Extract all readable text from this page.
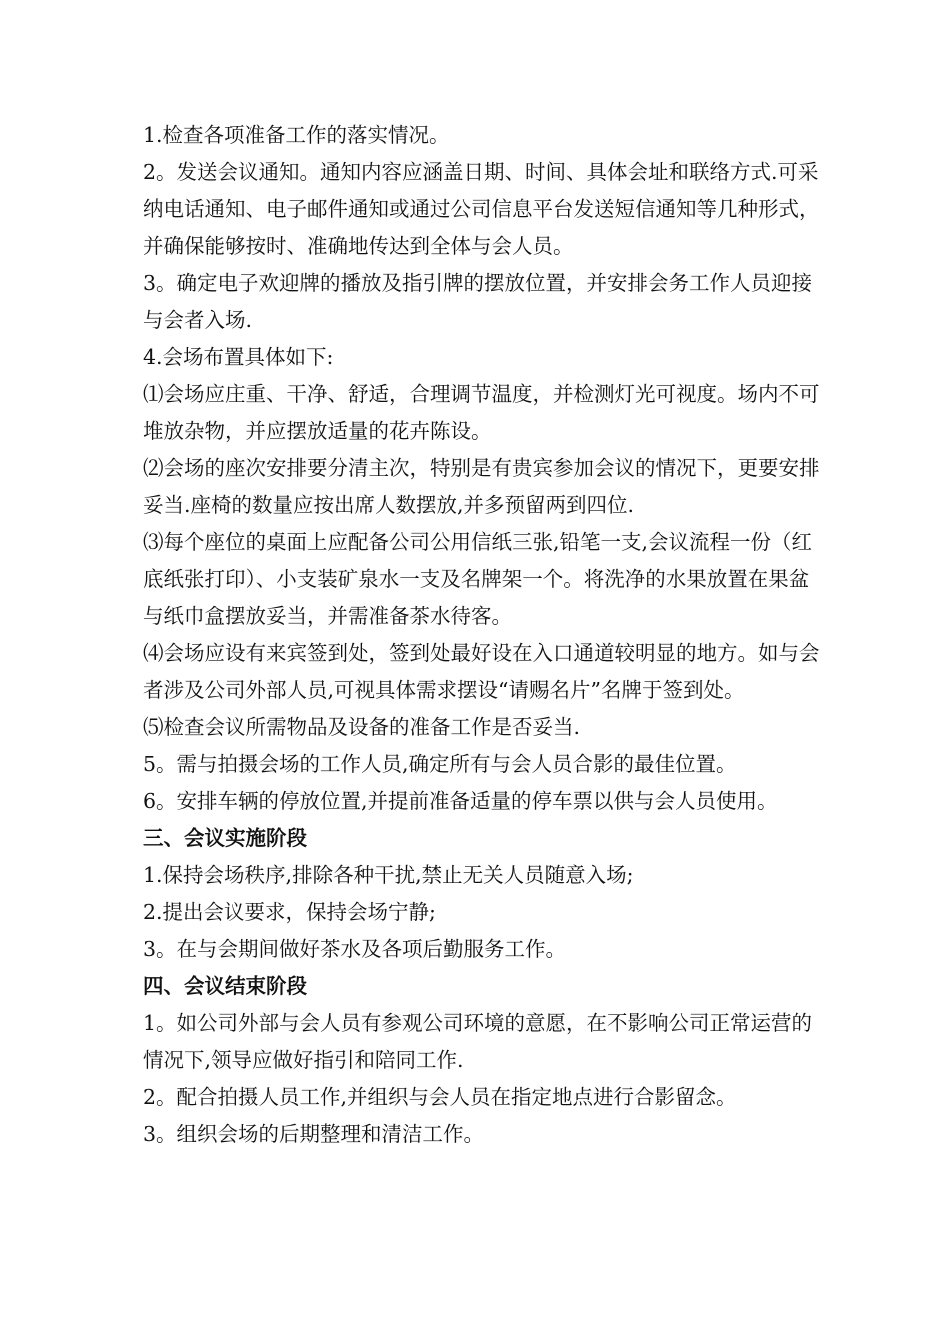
1.检查各项准备工作的落实情况。

2。发送会议通知。通知内容应涵盖日期、时间、具体会址和联络方式.可采纳电话通知、电子邮件通知或通过公司信息平台发送短信通知等几种形式，并确保能够按时、准确地传达到全体与会人员。

3。确定电子欢迎牌的播放及指引牌的摆放位置，并安排会务工作人员迎接与会者入场.

4.会场布置具体如下:

⑴会场应庄重、干净、舒适，合理调节温度，并检测灯光可视度。场内不可堆放杂物，并应摆放适量的花卉陈设。

⑵会场的座次安排要分清主次，特别是有贵宾参加会议的情况下，更要安排妥当.座椅的数量应按出席人数摆放,并多预留两到四位.

⑶每个座位的桌面上应配备公司公用信纸三张,铅笔一支,会议流程一份（红底纸张打印）、小支装矿泉水一支及名牌架一个。将洗净的水果放置在果盆与纸巾盒摆放妥当，并需准备茶水待客。

⑷会场应设有来宾签到处，签到处最好设在入口通道较明显的地方。如与会者涉及公司外部人员,可视具体需求摆设“请赐名片”名牌于签到处。

⑸检查会议所需物品及设备的准备工作是否妥当.

5。需与拍摄会场的工作人员,确定所有与会人员合影的最佳位置。

6。安排车辆的停放位置,并提前准备适量的停车票以供与会人员使用。

三、会议实施阶段

1.保持会场秩序,排除各种干扰,禁止无关人员随意入场;

2.提出会议要求，保持会场宁静;

3。在与会期间做好茶水及各项后勤服务工作。

四、会议结束阶段

1。如公司外部与会人员有参观公司环境的意愿，在不影响公司正常运营的情况下,领导应做好指引和陪同工作.

2。配合拍摄人员工作,并组织与会人员在指定地点进行合影留念。

3。组织会场的后期整理和清洁工作。
